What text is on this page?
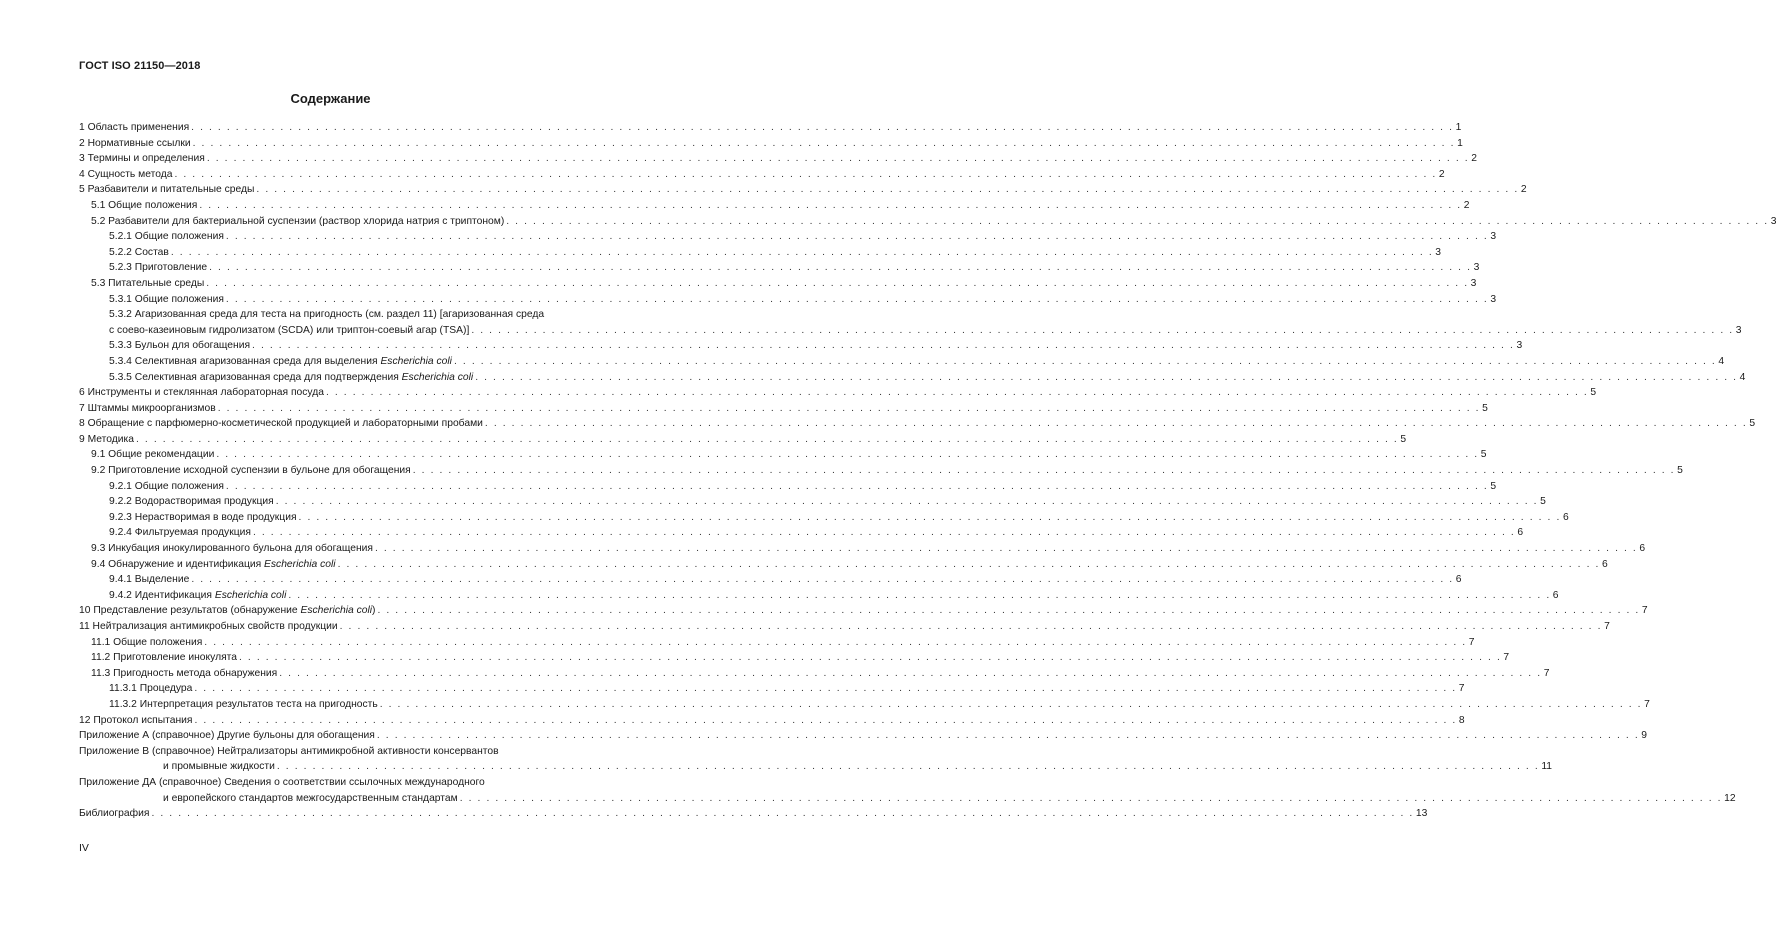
ГОСТ ISO 21150—2018
Содержание
1 Область применения . . .	1
2 Нормативные ссылки . . .	1
3 Термины и определения . . .	2
4 Сущность метода . . .	2
5 Разбавители и питательные среды . . .	2
5.1 Общие положения . . .	2
5.2 Разбавители для бактериальной суспензии (раствор хлорида натрия с триптоном) . . .	3
5.2.1 Общие положения . . .	3
5.2.2 Состав . . .	3
5.2.3 Приготовление . . .	3
5.3 Питательные среды . . .	3
5.3.1 Общие положения . . .	3
5.3.2 Агаризованная среда для теста на пригодность (см. раздел 11) [агаризованная среда
с соево-казеиновым гидролизатом (SCDA) или триптон-соевый агар (TSA)] . . .	3
5.3.3 Бульон для обогащения . . .	3
5.3.4 Селективная агаризованная среда для выделения Escherichia coli . . .	4
5.3.5 Селективная агаризованная среда для подтверждения Escherichia coli . . .	4
6 Инструменты и стеклянная лабораторная посуда . . .	5
7 Штаммы микроорганизмов . . .	5
8 Обращение с парфюмерно-косметической продукцией и лабораторными пробами . . .	5
9 Методика . . .	5
9.1 Общие рекомендации . . .	5
9.2 Приготовление исходной суспензии в бульоне для обогащения . . .	5
9.2.1 Общие положения . . .	5
9.2.2 Водорастворимая продукция . . .	5
9.2.3 Нерастворимая в воде продукция . . .	6
9.2.4 Фильтруемая продукция . . .	6
9.3 Инкубация инокулированного бульона для обогащения . . .	6
9.4 Обнаружение и идентификация Escherichia coli . . .	6
9.4.1 Выделение . . .	6
9.4.2 Идентификация Escherichia coli . . .	6
10 Представление результатов (обнаружение Escherichia coli) . . .	7
11 Нейтрализация антимикробных свойств продукции . . .	7
11.1 Общие положения . . .	7
11.2 Приготовление инокулята . . .	7
11.3 Пригодность метода обнаружения . . .	7
11.3.1 Процедура . . .	7
11.3.2 Интерпретация результатов теста на пригодность . . .	7
12 Протокол испытания . . .	8
Приложение А (справочное) Другие бульоны для обогащения . . .	9
Приложение В (справочное) Нейтрализаторы антимикробной активности консервантов
и промывные жидкости . . .	11
Приложение ДА (справочное) Сведения о соответствии ссылочных международного
и европейского стандартов межгосударственным стандартам . . .	12
Библиография . . .	13
IV
